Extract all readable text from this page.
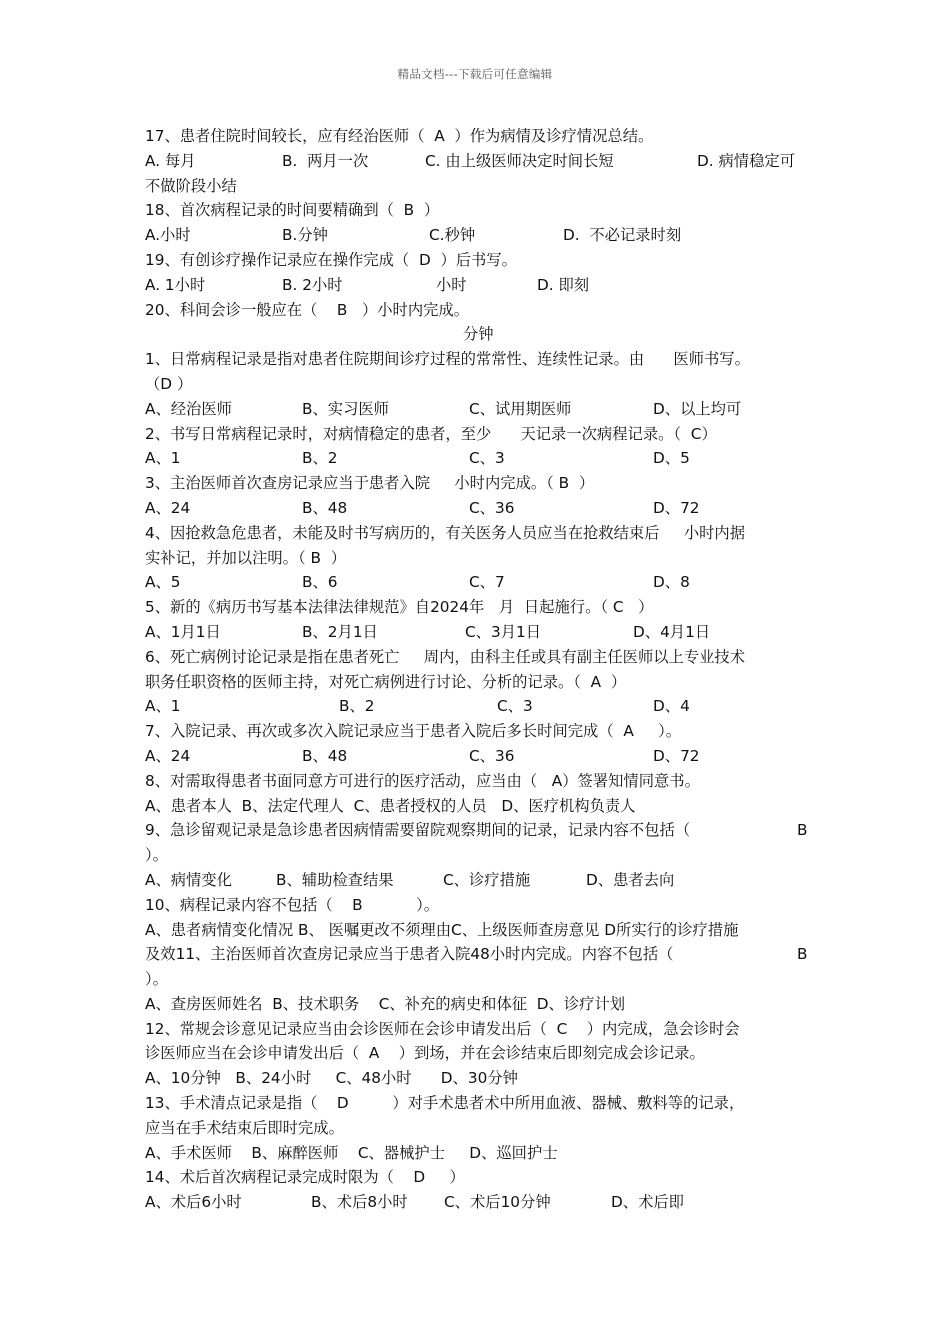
精品文档---下载后可任意编辑
17、患者住院时间较长，应有经治医师（  A  ）作为病情及诊疗情况总结。
A. 每月	B.  两月一次	C. 由上级医师决定时间长短	D. 病情稳定可
不做阶段小结
18、首次病程记录的时间要精确到（  B  ）
A.小时	B.分钟	C.秒钟	D.  不必记录时刻
19、有创诊疗操作记录应在操作完成（  D  ）后书写。
A. 1小时	B. 2小时	小时	D. 即刻
20、科间会诊一般应在（    B   ）小时内完成。
分钟
1、日常病程记录是指对患者住院期间诊疗过程的常常性、连续性记录。由      医师书写。
（D ）
A、经治医师	B、实习医师	C、试用期医师	D、以上均可
2、书写日常病程记录时，对病情稳定的患者，至少      天记录一次病程记录。（  C）
A、1	B、2	C、3	D、5
3、主治医师首次查房记录应当于患者入院     小时内完成。（ B  ）
A、24	B、48	C、36	D、72
4、因抢救急危患者，未能及时书写病历的，有关医务人员应当在抢救结束后     小时内据
实补记，并加以注明。（ B  ）
A、5	B、6	C、7	D、8
5、新的《病历书写基本法律法律规范》自2024年   月  日起施行。（ C   ）
A、1月1日	B、2月1日	C、3月1日	D、4月1日
6、死亡病例讨论记录是指在患者死亡     周内，由科主任或具有副主任医师以上专业技术
职务任职资格的医师主持，对死亡病例进行讨论、分析的记录。（  A  ）
A、1	B、2	C、3	D、4
7、入院记录、再次或多次入院记录应当于患者入院后多长时间完成（  A     ）。
A、24	B、48	C、36	D、72
8、对需取得患者书面同意方可进行的医疗活动，应当由（   A）签署知情同意书。
A、患者本人  B、法定代理人  C、患者授权的人员   D、医疗机构负责人
9、急诊留观记录是急诊患者因病情需要留院观察期间的记录，记录内容不包括（	B
）。
A、病情变化	B、辅助检查结果	C、诊疗措施	D、患者去向
10、病程记录内容不包括（    B           ）。
A、患者病情变化情况 B、 医嘱更改不须理由C、上级医师查房意见 D所实行的诊疗措施
及效11、主治医师首次查房记录应当于患者入院48小时内完成。内容不包括（	B
）。
A、查房医师姓名  B、技术职务    C、补充的病史和体征  D、诊疗计划
12、常规会诊意见记录应当由会诊医师在会诊申请发出后（  C    ）内完成，急会诊时会
诊医师应当在会诊申请发出后（  A    ）到场，并在会诊结束后即刻完成会诊记录。
A、10分钟   B、24小时     C、48小时      D、30分钟
13、手术清点记录是指（    D         ）对手术患者术中所用血液、器械、敷料等的记录，
应当在手术结束后即时完成。
A、手术医师    B、麻醉医师    C、器械护士     D、巡回护士
14、术后首次病程记录完成时限为（    D     ）
A、术后6小时	B、术后8小时 C、术后10分钟	D、术后即
